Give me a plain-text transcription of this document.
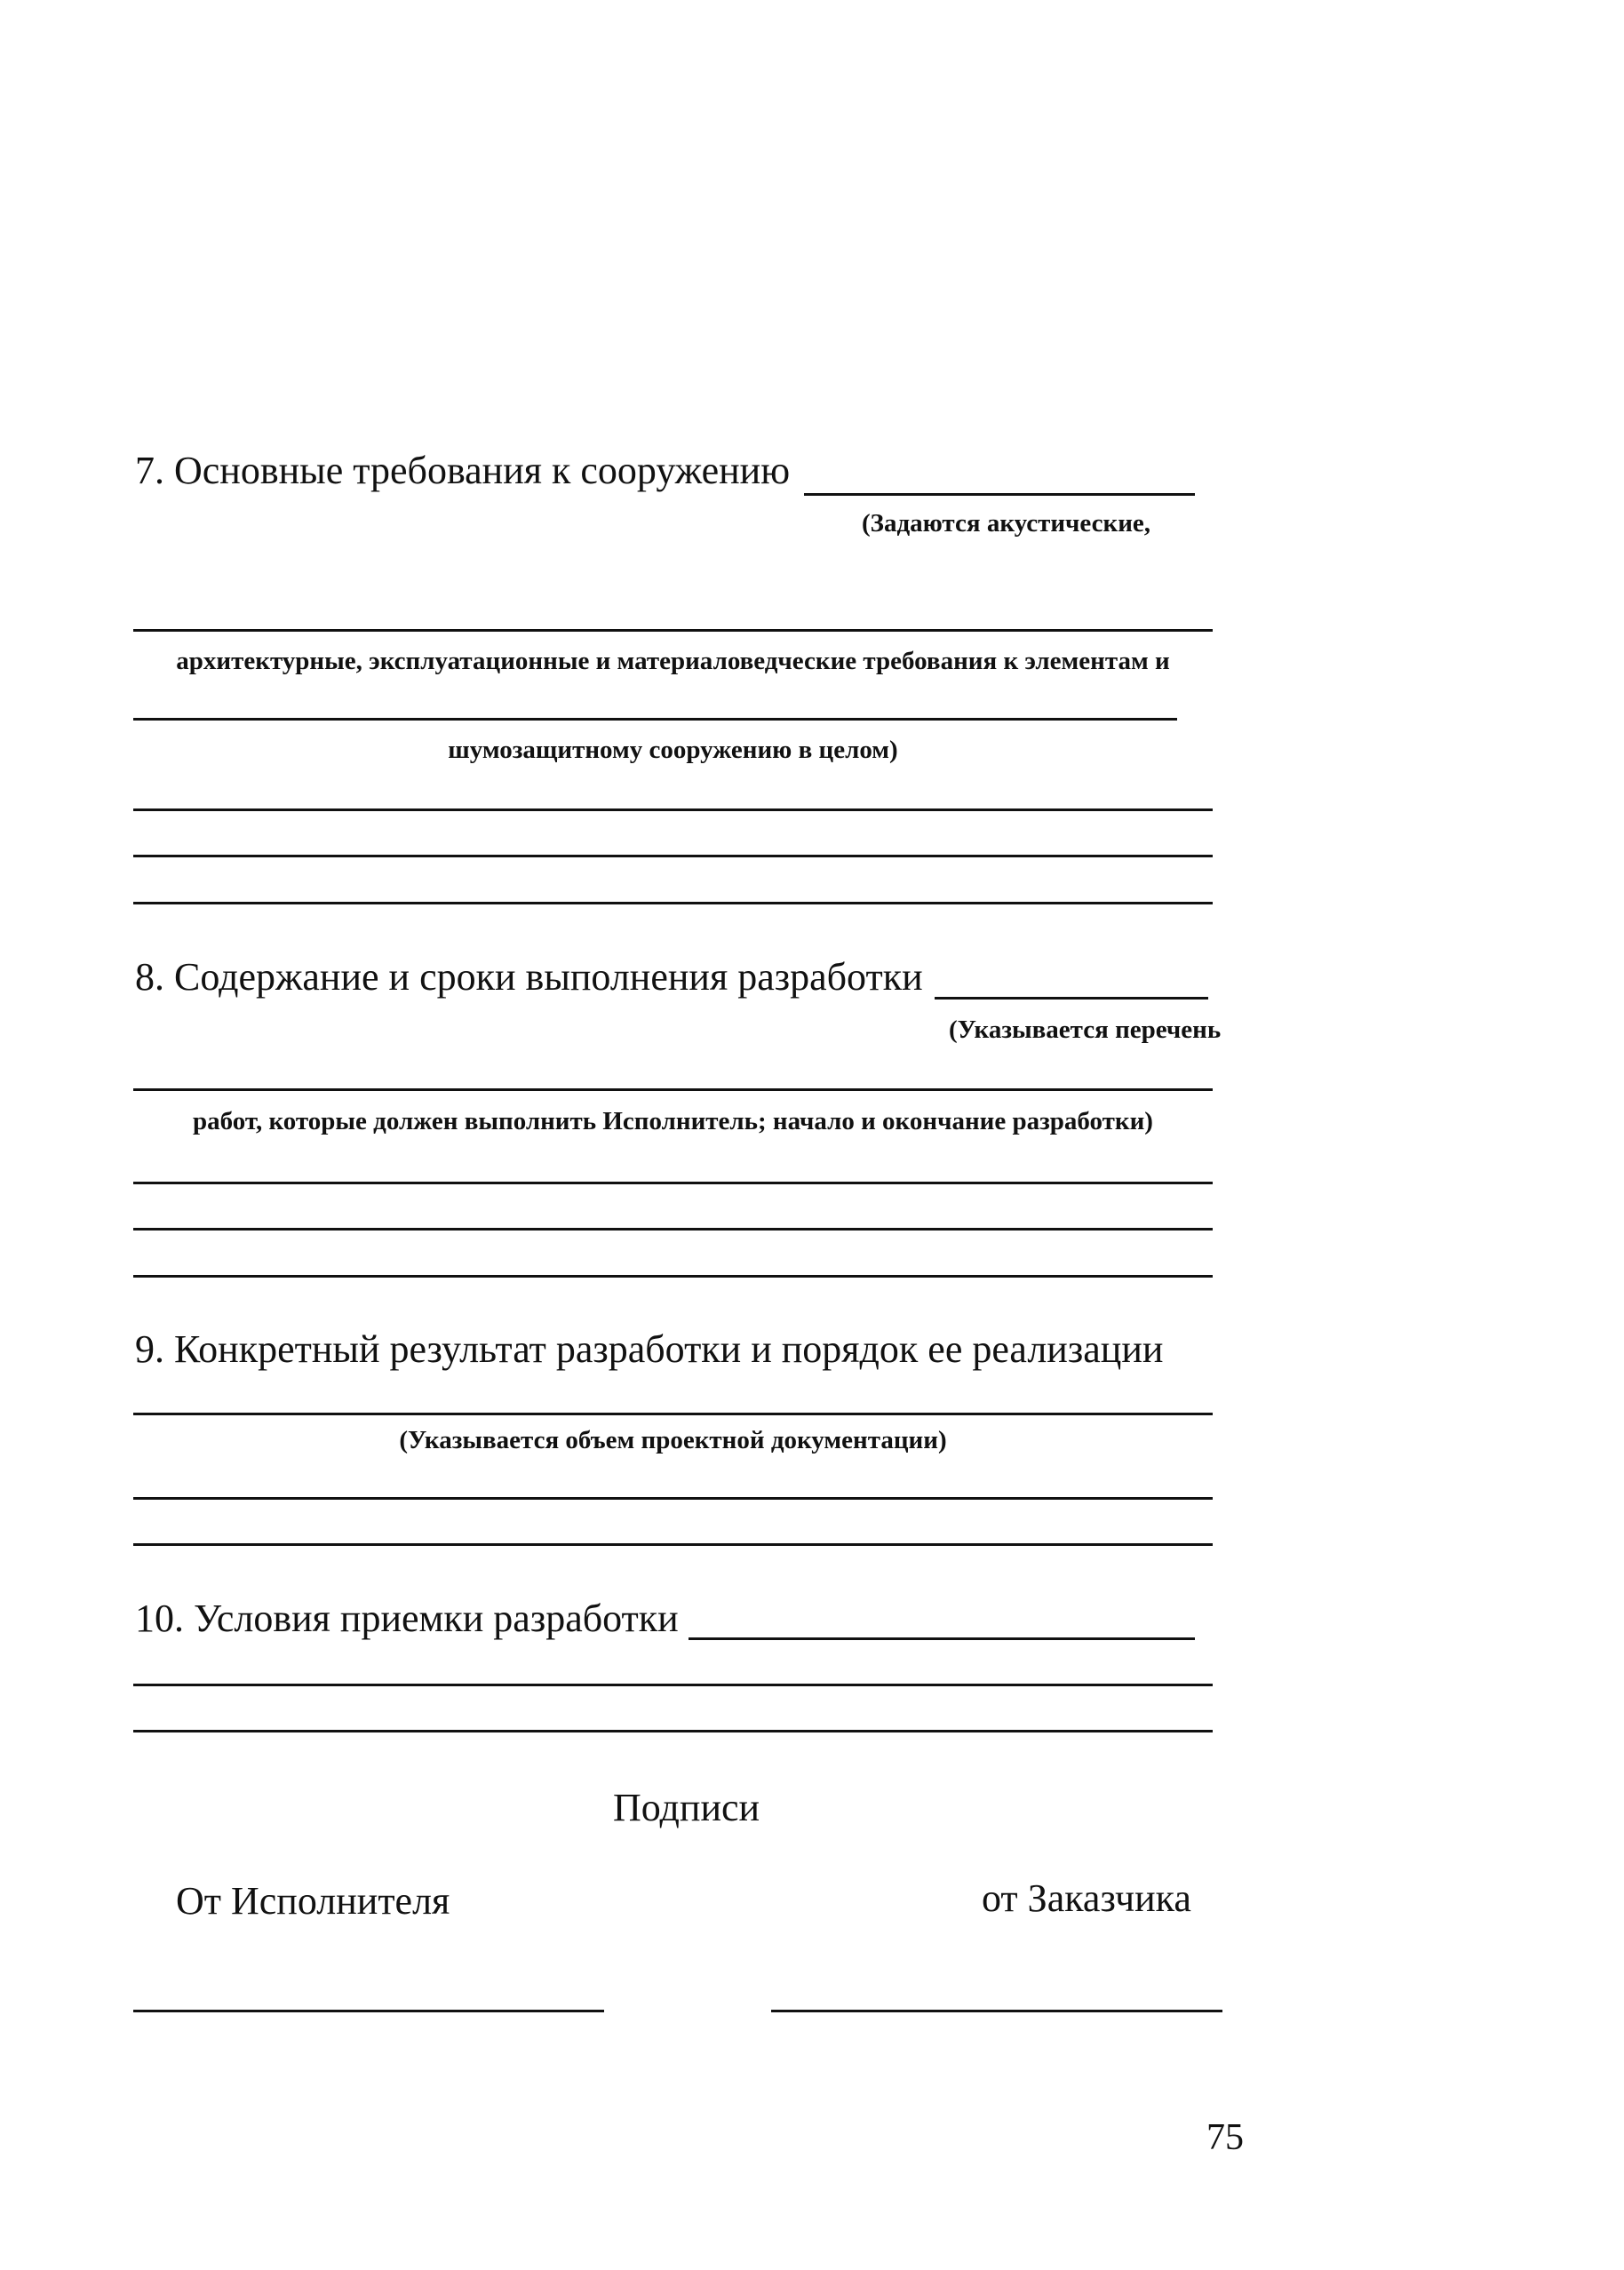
7. Основные требования к сооружению
(Задаются акустические,
архитектурные, эксплуатационные и материаловедческие требования к элементам и
шумозащитному сооружению в целом)
8. Содержание и сроки выполнения разработки
(Указывается перечень
работ, которые должен выполнить Исполнитель; начало и окончание разработки)
9. Конкретный результат разработки и порядок ее реализации
(Указывается объем проектной документации)
10. Условия приемки разработки
Подписи
От Исполнителя	от Заказчика
75
